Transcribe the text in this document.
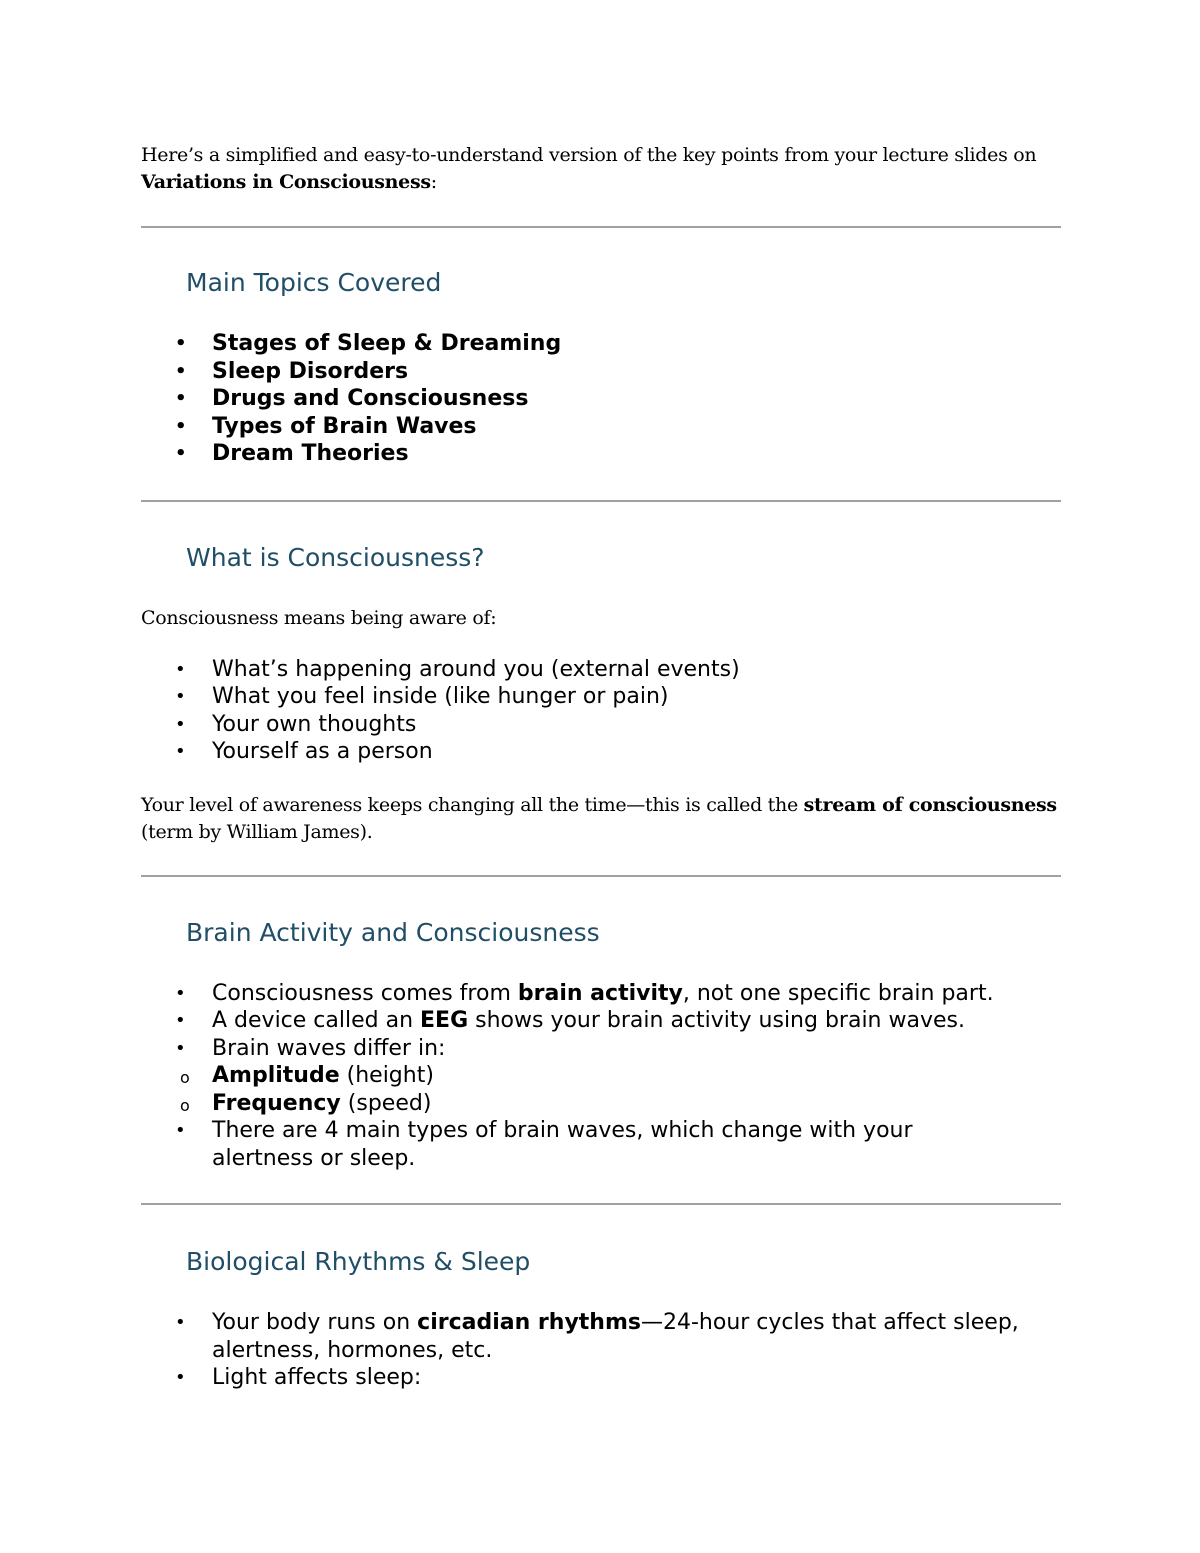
Here’s a simplified and easy-to-understand version of the key points from your lecture slides on Variations in Consciousness:

Main Topics Covered
• Stages of Sleep & Dreaming
• Sleep Disorders
• Drugs and Consciousness
• Types of Brain Waves
• Dream Theories
What is Consciousness?

Consciousness means being aware of:

• What’s happening around you (external events)
• What you feel inside (like hunger or pain)
• Your own thoughts
• Yourself as a person

Your level of awareness keeps changing all the time—this is called the stream of consciousness (term by William James).

Brain Activity and Consciousness
• Consciousness comes from brain activity, not one specific brain part.
• A device called an EEG shows your brain activity using brain waves.
• Brain waves differ in:
o Amplitude (height)
o Frequency (speed)
• There are 4 main types of brain waves, which change with your alertness or sleep.
Biological Rhythms & Sleep
• Your body runs on circadian rhythms—24-hour cycles that affect sleep, alertness, hormones, etc.
• Light affects sleep:
